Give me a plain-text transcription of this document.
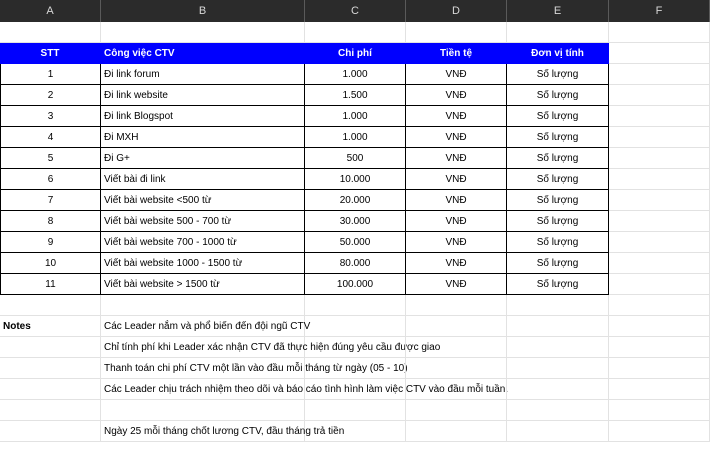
A	B	C	D	E	F
STT	Công việc CTV	Chi phí	Tiền tệ	Đơn vị tính
1	Đi link forum	1.000	VNĐ	Số lượng
2	Đi link website	1.500	VNĐ	Số lượng
3	Đi link Blogspot	1.000	VNĐ	Số lượng
4	Đi MXH	1.000	VNĐ	Số lượng
5	Đi G+	500	VNĐ	Số lượng
6	Viết bài đi link	10.000	VNĐ	Số lượng
7	Viết bài website <500 từ	20.000	VNĐ	Số lượng
8	Viết bài website 500 - 700 từ	30.000	VNĐ	Số lượng
9	Viết bài website 700 - 1000 từ	50.000	VNĐ	Số lượng
10	Viết bài website 1000 - 1500 từ	80.000	VNĐ	Số lượng
11	Viết bài website > 1500 từ	100.000	VNĐ	Số lượng
Notes	Các Leader nắm và phổ biến đến đội ngũ CTV
Chỉ tính phí khi Leader xác nhận CTV đã thực hiện đúng yêu cầu được giao
Thanh toán chi phí CTV một lần vào đầu mỗi tháng từ ngày (05 - 10)
Các Leader chịu trách nhiệm theo dõi và báo cáo tình hình làm việc CTV vào đầu mỗi tuần.
Ngày 25 mỗi tháng chốt lương CTV, đầu tháng trả tiền
